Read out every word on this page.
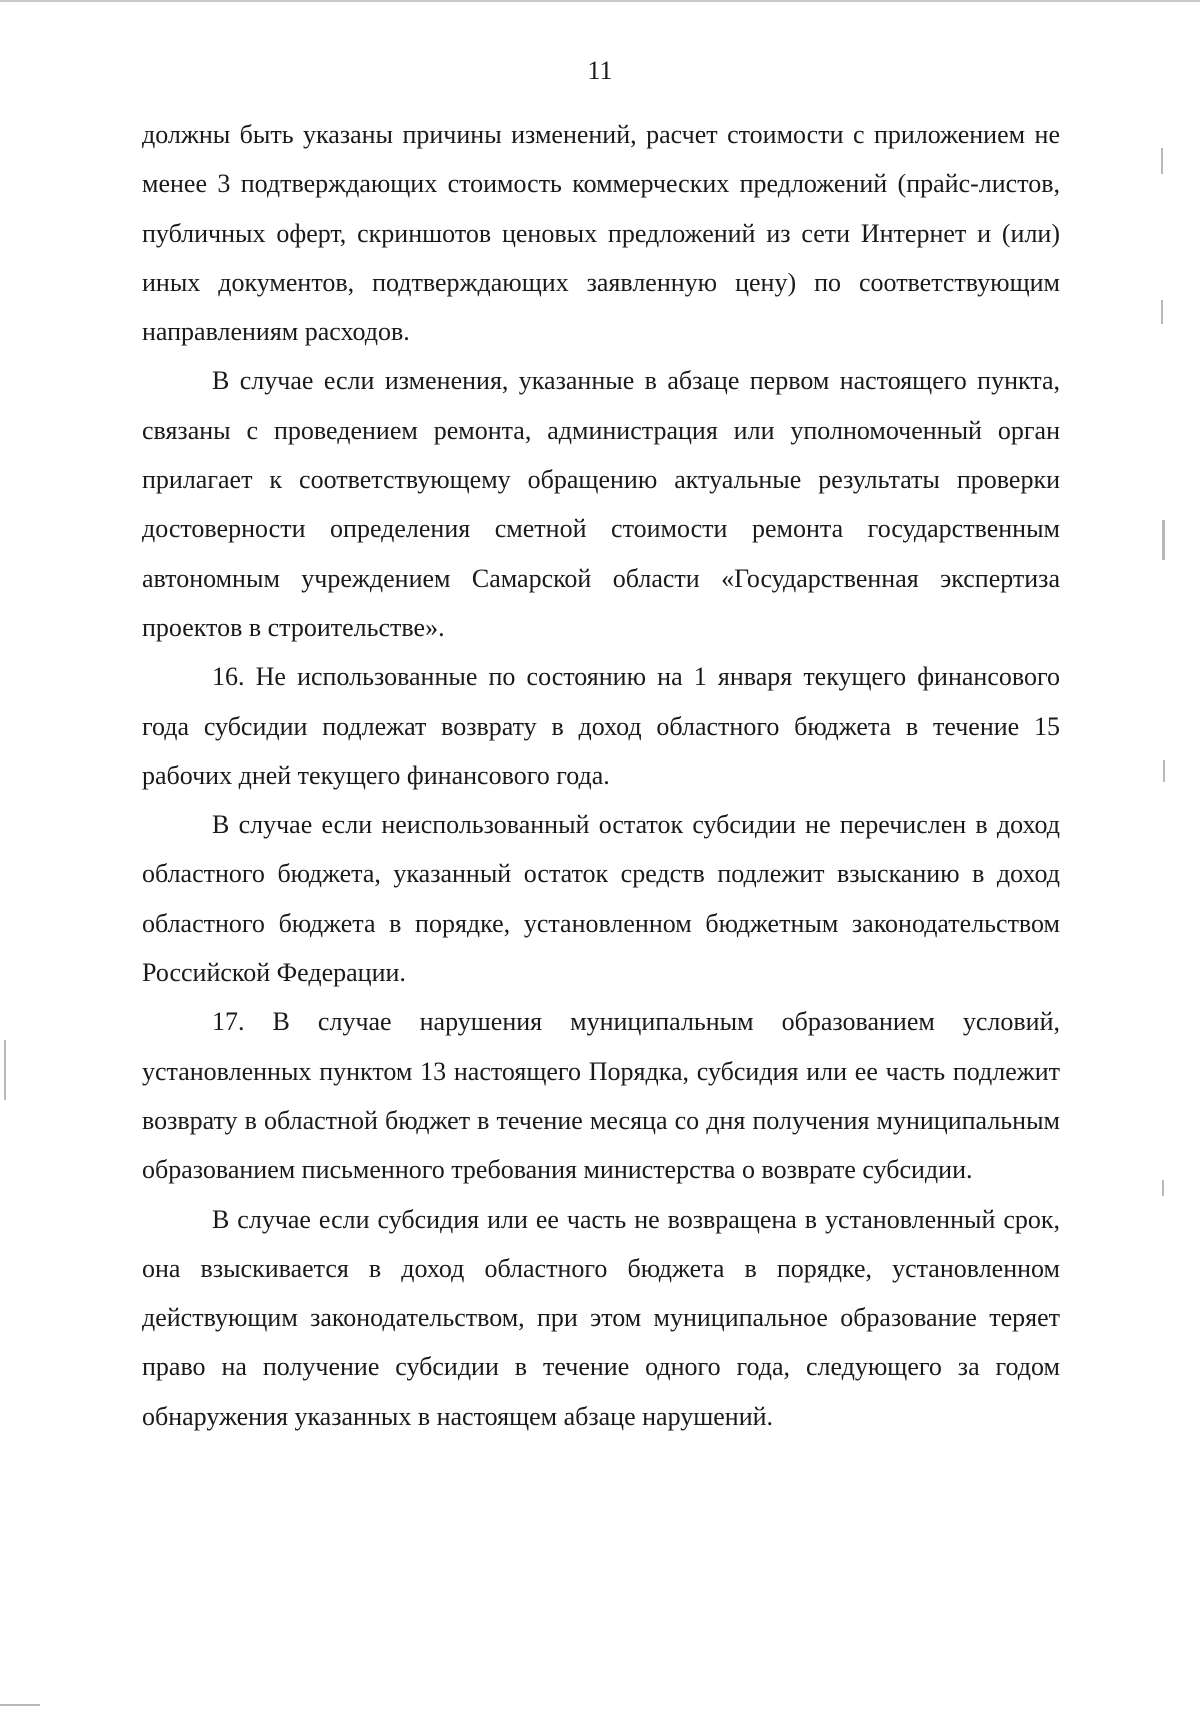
11

должны быть указаны причины изменений, расчет стоимости с приложением не менее 3 подтверждающих стоимость коммерческих предложений (прайс-листов, публичных оферт, скриншотов ценовых предложений из сети Интернет и (или) иных документов, подтверждающих заявленную цену) по соответствующим направлениям расходов.

В случае если изменения, указанные в абзаце первом настоящего пункта, связаны с проведением ремонта, администрация или уполномоченный орган прилагает к соответствующему обращению актуальные результаты проверки достоверности определения сметной стоимости ремонта государственным автономным учреждением Самарской области «Государственная экспертиза проектов в строительстве».

16. Не использованные по состоянию на 1 января текущего финансового года субсидии подлежат возврату в доход областного бюджета в течение 15 рабочих дней текущего финансового года.

В случае если неиспользованный остаток субсидии не перечислен в доход областного бюджета, указанный остаток средств подлежит взысканию в доход областного бюджета в порядке, установленном бюджетным законодательством Российской Федерации.

17. В случае нарушения муниципальным образованием условий, установленных пунктом 13 настоящего Порядка, субсидия или ее часть подлежит возврату в областной бюджет в течение месяца со дня получения муниципальным образованием письменного требования министерства о возврате субсидии.

В случае если субсидия или ее часть не возвращена в установленный срок, она взыскивается в доход областного бюджета в порядке, установленном действующим законодательством, при этом муниципальное образование теряет право на получение субсидии в течение одного года, следующего за годом обнаружения указанных в настоящем абзаце нарушений.
